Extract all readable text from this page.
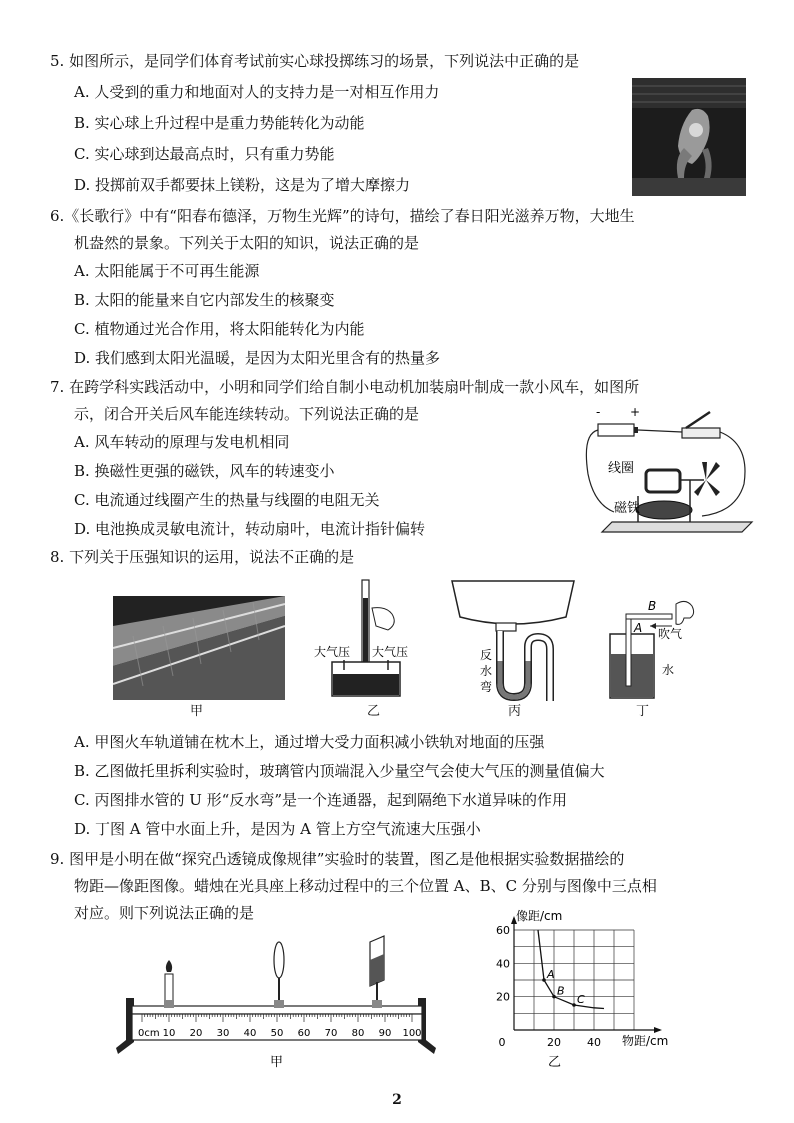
5. 如图所示，是同学们体育考试前实心球投掷练习的场景，下列说法中正确的是
A. 人受到的重力和地面对人的支持力是一对相互作用力
B. 实心球上升过程中是重力势能转化为动能
C. 实心球到达最高点时，只有重力势能
D. 投掷前双手都要抹上镁粉，这是为了增大摩擦力
6.《长歌行》中有“阳春布德泽，万物生光辉”的诗句，描绘了春日阳光滋养万物，大地生
机盎然的景象。下列关于太阳的知识，说法正确的是
A. 太阳能属于不可再生能源
B. 太阳的能量来自它内部发生的核聚变
C. 植物通过光合作用，将太阳能转化为内能
D. 我们感到太阳光温暖，是因为太阳光里含有的热量多
7. 在跨学科实践活动中，小明和同学们给自制小电动机加装扇叶制成一款小风车，如图所
示，闭合开关后风车能连续转动。下列说法正确的是
A. 风车转动的原理与发电机相同
B. 换磁性更强的磁铁，风车的转速变小
C. 电流通过线圈产生的热量与线圈的电阻无关
D. 电池换成灵敏电流计，转动扇叶，电流计指针偏转
- +
线圈
磁铁
8. 下列关于压强知识的运用，说法不正确的是
甲
大气压 大气压
乙
反
水
弯
丙
B
吹气
A
水
丁
A. 甲图火车轨道铺在枕木上，通过增大受力面积减小铁轨对地面的压强
B. 乙图做托里拆利实验时，玻璃管内顶端混入少量空气会使大气压的测量值偏大
C. 丙图排水管的 U 形“反水弯”是一个连通器，起到隔绝下水道异味的作用
D. 丁图 A 管中水面上升，是因为 A 管上方空气流速大压强小
9. 图甲是小明在做“探究凸透镜成像规律”实验时的装置，图乙是他根据实验数据描绘的
物距—像距图像。蜡烛在光具座上移动过程中的三个位置 A、B、C 分别与图像中三点相
对应。则下列说法正确的是
0cm 10 20 30 40 50 60 70 80 90 100
甲
A
B
C
0	20 40
60
40
20
像距/cm
物距/cm
乙
2
